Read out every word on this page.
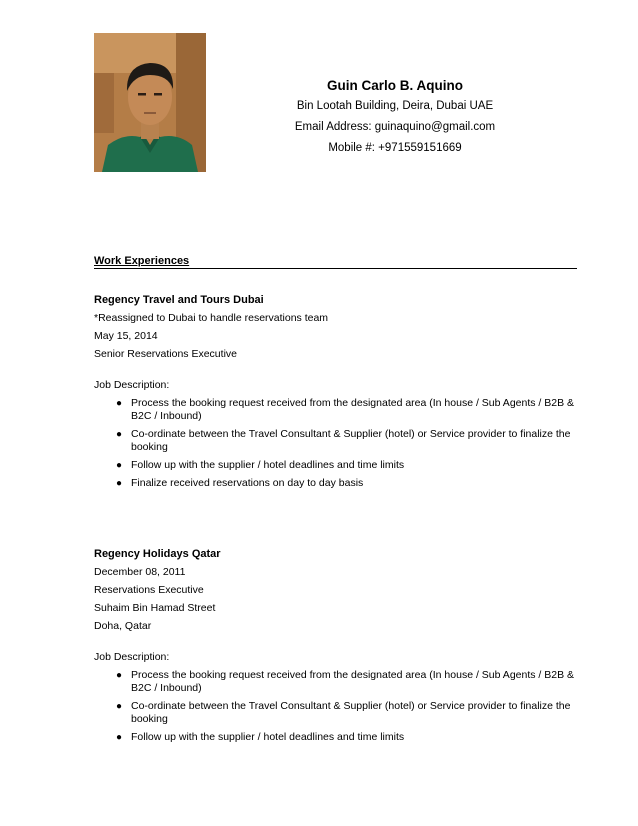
Guin Carlo B. Aquino
Bin Lootah Building, Deira, Dubai UAE
Email Address: guinaquino@gmail.com
Mobile #: +971559151669
Work Experiences
Regency Travel and Tours Dubai
*Reassigned to Dubai to handle reservations team
May 15, 2014
Senior Reservations Executive
Job Description:
● Process the booking request received from the designated area (In house / Sub Agents / B2B & B2C / Inbound)
● Co-ordinate between the Travel Consultant & Supplier (hotel) or Service provider to finalize the booking
● Follow up with the supplier / hotel deadlines and time limits
● Finalize received reservations on day to day basis
Regency Holidays Qatar
December 08, 2011
Reservations Executive
Suhaim Bin Hamad Street
Doha, Qatar
Job Description:
● Process the booking request received from the designated area (In house / Sub Agents / B2B & B2C / Inbound)
● Co-ordinate between the Travel Consultant & Supplier (hotel) or Service provider to finalize the booking
● Follow up with the supplier / hotel deadlines and time limits
